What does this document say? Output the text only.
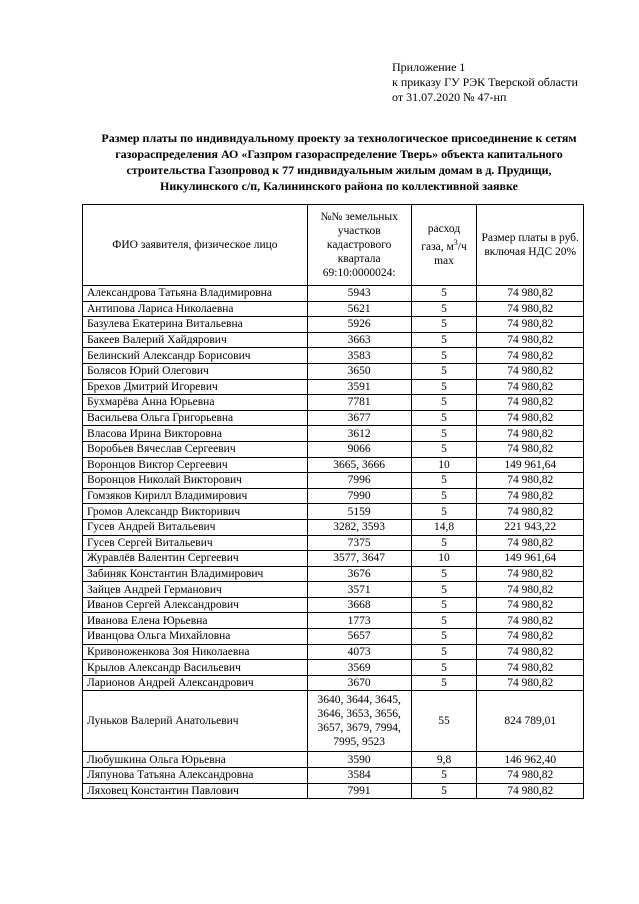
Приложение 1
к приказу ГУ РЭК Тверской области
от 31.07.2020 № 47-нп
Размер платы по индивидуальному проекту за технологическое присоединение к сетям газораспределения АО «Газпром газораспределение Тверь» объекта капитального строительства Газопровод к 77 индивидуальным жилым домам в д. Прудищи, Никулинского с/п, Калининского района по коллективной заявке
ФИО заявителя, физическое лицо	№№ земельных участков кадастрового квартала 69:10:0000024:	расход газа, $м^3/ч$ max	Размер платы в руб. включая НДС 20%
Александрова Татьяна Владимировна	5943	5	74 980,82
Антипова Лариса Николаевна	5621	5	74 980,82
Базулева Екатерина Витальевна	5926	5	74 980,82
Бакеев Валерий Хайдярович	3663	5	74 980,82
Белинский Александр Борисович	3583	5	74 980,82
Болясов Юрий Олегович	3650	5	74 980,82
Брехов Дмитрий Игоревич	3591	5	74 980,82
Бухмарёва Анна Юрьевна	7781	5	74 980,82
Васильева Ольга Григорьевна	3677	5	74 980,82
Власова Ирина Викторовна	3612	5	74 980,82
Воробьев Вячеслав Сергеевич	9066	5	74 980,82
Воронцов Виктор Сергеевич	3665, 3666	10	149 961,64
Воронцов Николай Викторович	7996	5	74 980,82
Гомзяков Кирилл Владимирович	7990	5	74 980,82
Громов Александр Викторивич	5159	5	74 980,82
Гусев Андрей Витальевич	3282, 3593	14,8	221 943,22
Гусев Сергей Витальевич	7375	5	74 980,82
Журавлёв Валентин Сергеевич	3577, 3647	10	149 961,64
Забиняк Константин Владимирович	3676	5	74 980,82
Зайцев Андрей Германович	3571	5	74 980,82
Иванов Сергей Александрович	3668	5	74 980,82
Иванова Елена Юрьевна	1773	5	74 980,82
Иванцова Ольга Михайловна	5657	5	74 980,82
Кривоноженкова Зоя Николаевна	4073	5	74 980,82
Крылов Александр Васильевич	3569	5	74 980,82
Ларионов Андрей Александрович	3670	5	74 980,82
Луньков Валерий Анатольевич	3640, 3644, 3645, 3646, 3653, 3656, 3657, 3679, 7994, 7995, 9523	55	824 789,01
Любушкина Ольга Юрьевна	3590	9,8	146 962,40
Ляпунова Татьяна Александровна	3584	5	74 980,82
Ляховец Константин Павлович	7991	5	74 980,82
